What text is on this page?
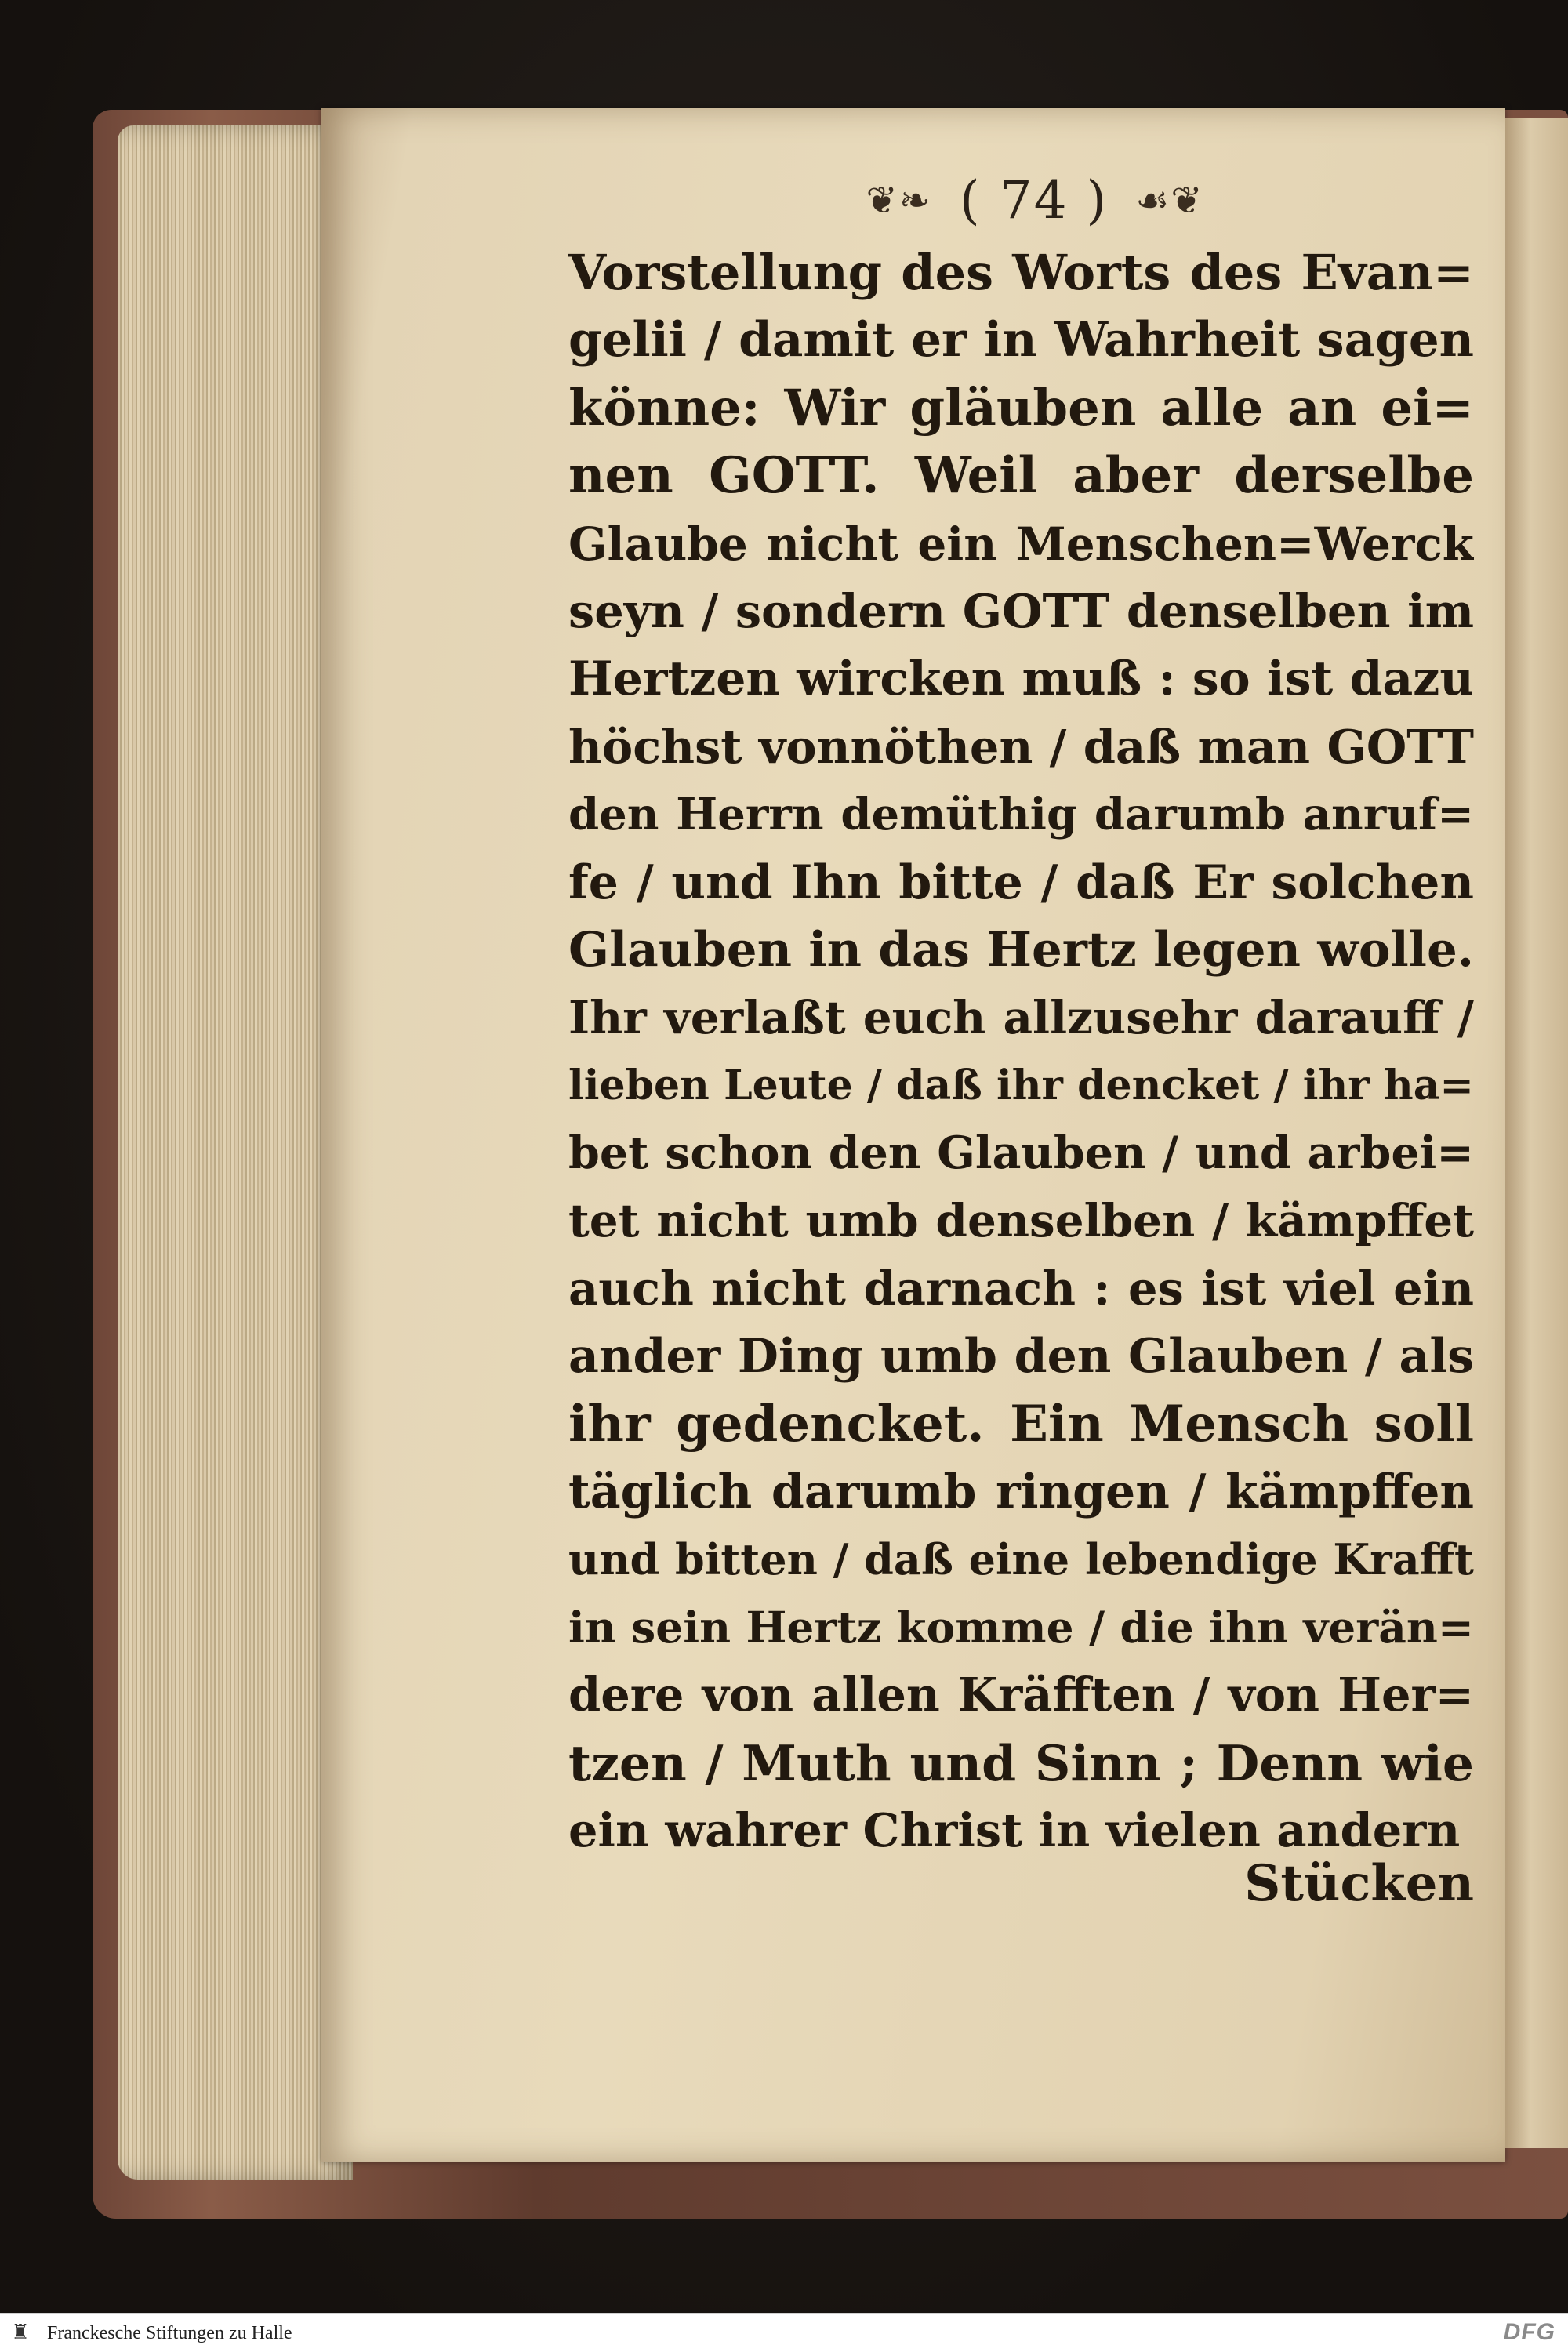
❦❧ ( 74 ) ☙❦
Vorstellung des Worts des Evan=
gelii / damit er in Wahrheit sagen
könne: Wir gläuben alle an ei=
nen GOTT. Weil aber derselbe
Glaube nicht ein Menschen=Werck
seyn / sondern GOTT denselben im
Hertzen wircken muß : so ist dazu
höchst vonnöthen / daß man GOTT
den Herrn demüthig darumb anruf=
fe / und Ihn bitte / daß Er solchen
Glauben in das Hertz legen wolle.
Ihr verlaßt euch allzusehr darauff /
lieben Leute / daß ihr dencket / ihr ha=
bet schon den Glauben / und arbei=
tet nicht umb denselben / kämpffet
auch nicht darnach : es ist viel ein
ander Ding umb den Glauben / als
ihr gedencket. Ein Mensch soll
täglich darumb ringen / kämpffen
und bitten / daß eine lebendige Krafft
in sein Hertz komme / die ihn verän=
dere von allen Kräfften / von Her=
tzen / Muth und Sinn ; Denn wie
ein wahrer Christ in vielen andern
Stücken
♜ Franckesche Stiftungen zu Halle	DFG
